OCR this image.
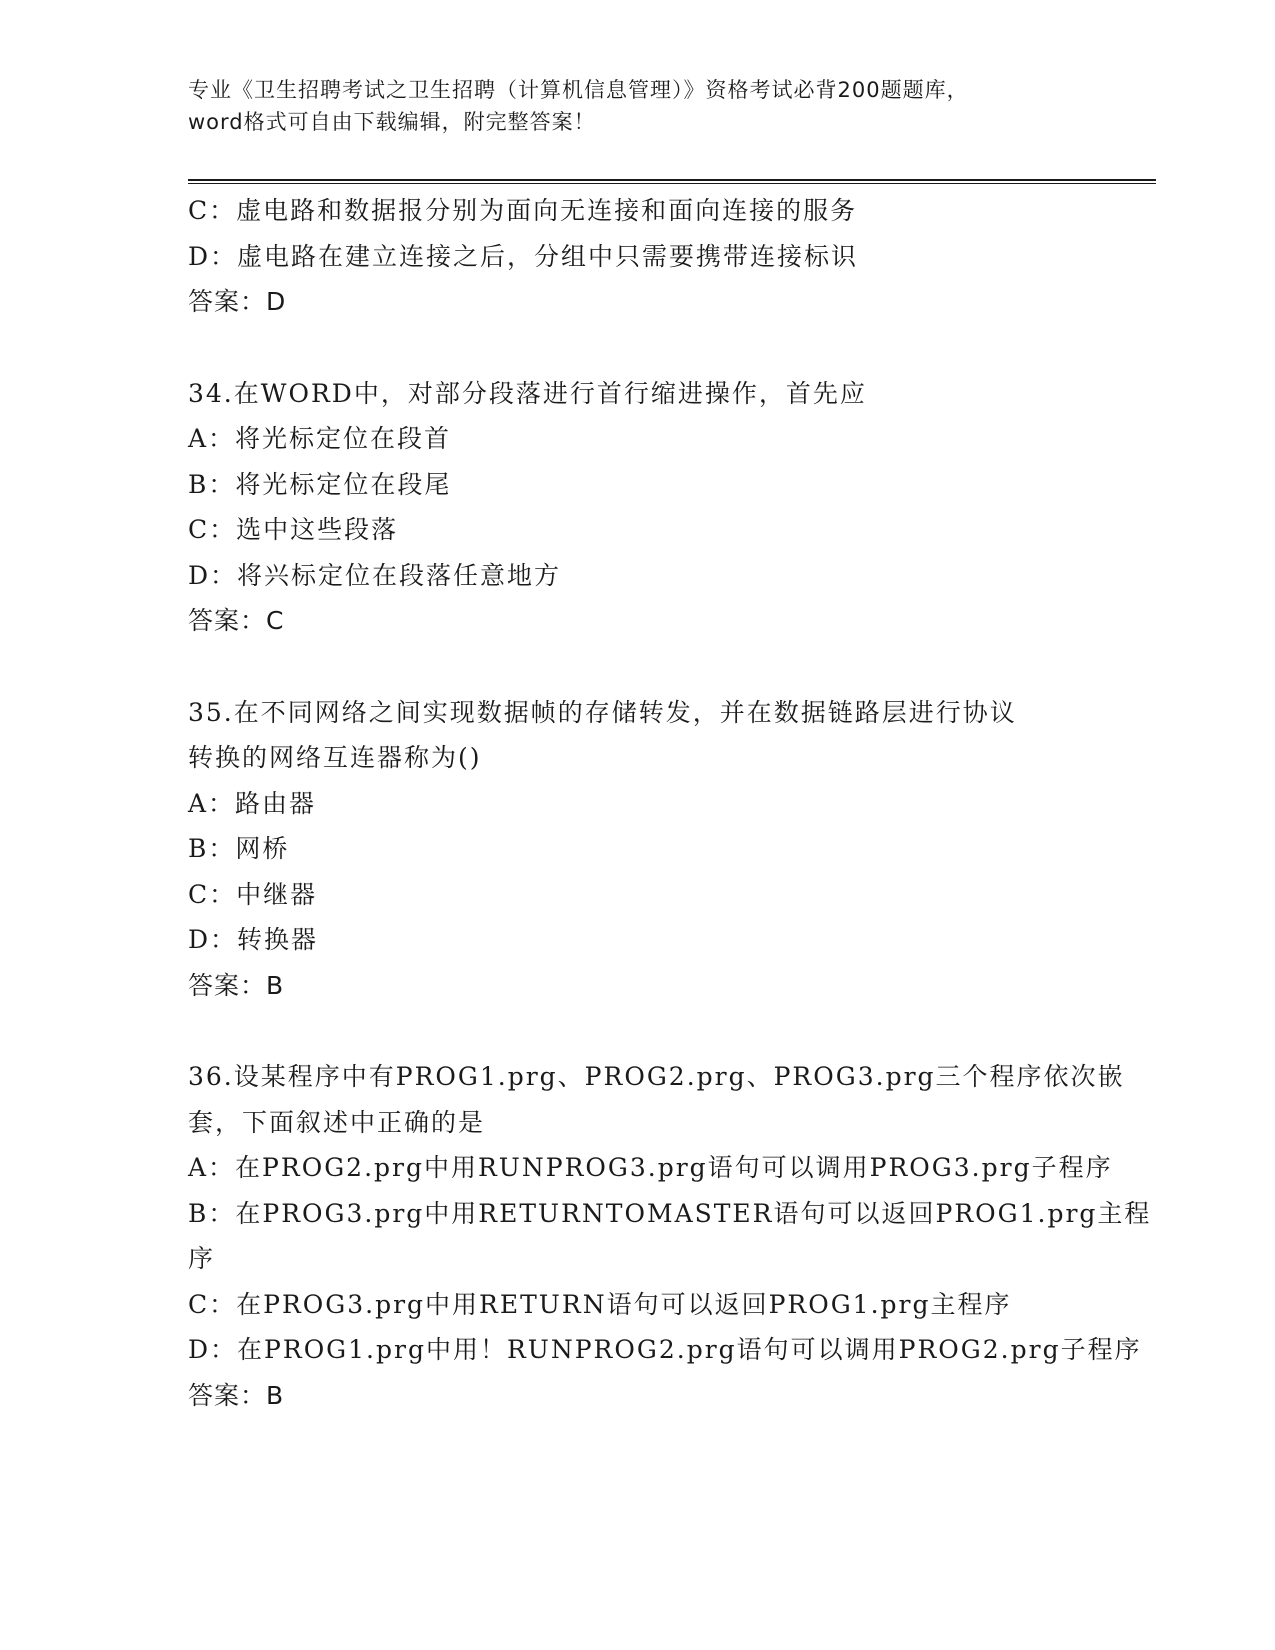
专业《卫生招聘考试之卫生招聘（计算机信息管理）》资格考试必背200题题库，
word格式可自由下载编辑，附完整答案！
C：虚电路和数据报分别为面向无连接和面向连接的服务
D：虚电路在建立连接之后，分组中只需要携带连接标识
答案：D
34.在WORD中，对部分段落进行首行缩进操作，首先应
A：将光标定位在段首
B：将光标定位在段尾
C：选中这些段落
D：将兴标定位在段落任意地方
答案：C
35.在不同网络之间实现数据帧的存储转发，并在数据链路层进行协议
转换的网络互连器称为()
A：路由器
B：网桥
C：中继器
D：转换器
答案：B
36.设某程序中有PROG1.prg、PROG2.prg、PROG3.prg三个程序依次嵌
套，下面叙述中正确的是
A：在PROG2.prg中用RUNPROG3.prg语句可以调用PROG3.prg子程序
B：在PROG3.prg中用RETURNTOMASTER语句可以返回PROG1.prg主程
序
C：在PROG3.prg中用RETURN语句可以返回PROG1.prg主程序
D：在PROG1.prg中用！RUNPROG2.prg语句可以调用PROG2.prg子程序
答案：B
